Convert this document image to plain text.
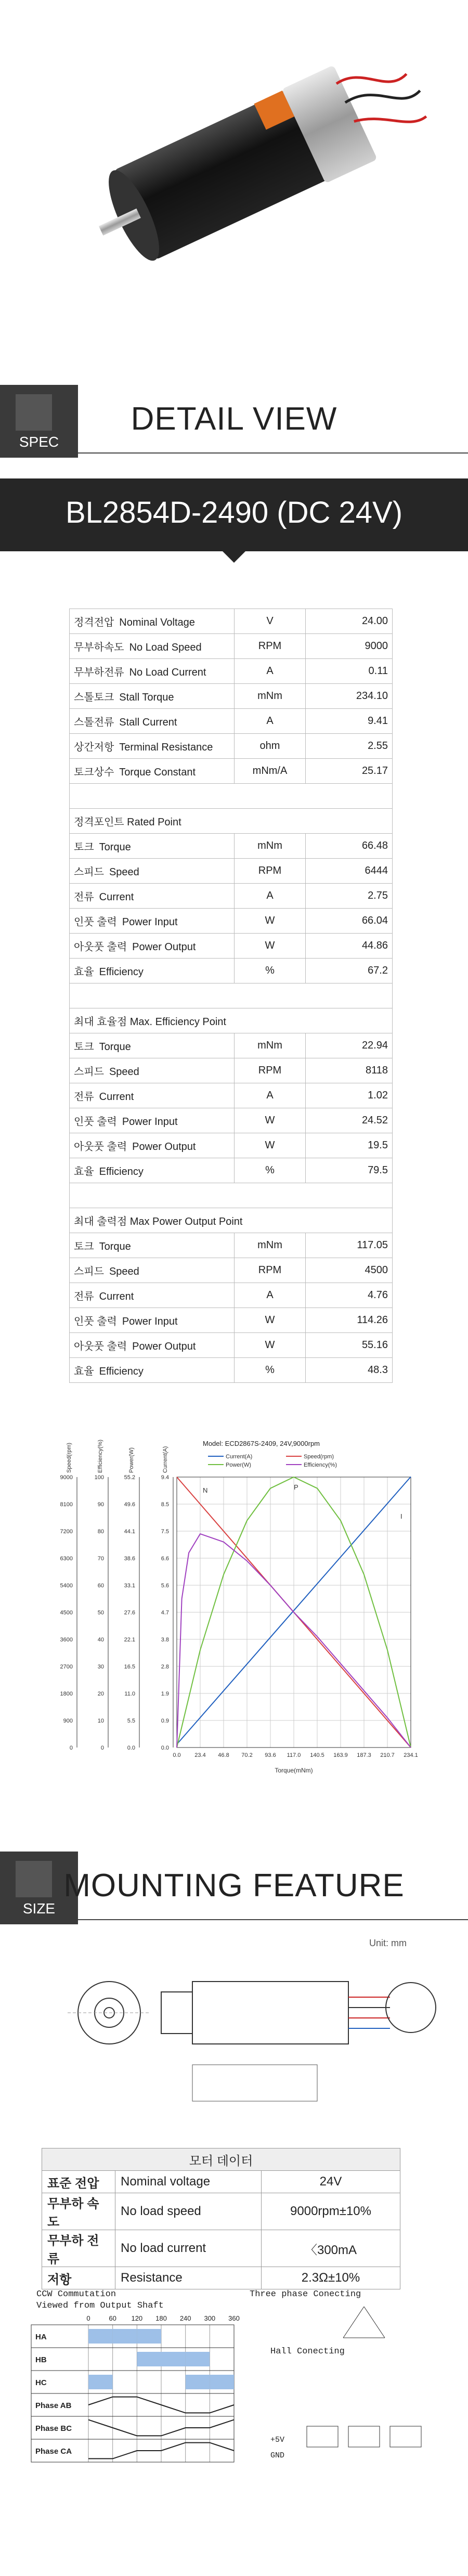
SPEC
DETAIL VIEW
BL2854D-2490 (DC 24V)
정격전압 Nominal Voltage	V	24.00
무부하속도 No Load Speed	RPM	9000
무부하전류 No Load Current	A	0.11
스톨토크 Stall Torque	mNm	234.10
스톨전류 Stall Current	A	9.41
상간저항 Terminal Resistance	ohm	2.55
토크상수 Torque Constant	mNm/A	25.17

정격포인트 Rated Point		
토크 Torque	mNm	66.48
스피드 Speed	RPM	6444
전류 Current	A	2.75
인풋 출력 Power Input	W	66.04
아웃풋 출력 Power Output	W	44.86
효율 Efficiency	%	67.2

최대 효율점 Max. Efficiency Point		
토크 Torque	mNm	22.94
스피드 Speed	RPM	8118
전류 Current	A	1.02
인풋 출력 Power Input	W	24.52
아웃풋 출력 Power Output	W	19.5
효율 Efficiency	%	79.5

최대 출력점 Max Power Output Point		
토크 Torque	mNm	117.05
스피드 Speed	RPM	4500
전류 Current	A	4.76
인풋 출력 Power Input	W	114.26
아웃풋 출력 Power Output	W	55.16
효율 Efficiency	%	48.3
Model: ECD2867S-2409, 24V,9000rpm
0.0 23.4 46.8 70.2 93.6 117.0 140.5 163.9 187.3 210.7 234.1
Torque(mNm)
0
900
1800
2700
3600
4500
5400
6300
7200
8100
9000
Speed(rpm)
0
10
20
30
40
50
60
70
80
90
100
Efficiency(%)
0.0
5.5
11.0
16.5
22.1
27.6
33.1
38.6
44.1
49.6
55.2
Power(W)
0.0
0.9
1.9
2.8
3.8
4.7
5.6
6.6
7.5
8.5
9.4
Current(A)	Current(A)	Speed(rpm)
Power(W)	Efficiency(%)
N	P
I
SIZE
MOUNTING FEATURE
Unit: mm
모터 데이터		
표준 전압	Nominal voltage	24V
무부하 속도	No load speed	9000rpm±10%
무부하 전류	No load current	〈300mA
저항	Resistance	2.3Ω±10%
CCW Commutation
Viewed from Output Shaft
Three phase Conecting
Hall Conecting
0	60 120 180 240 300 360
HA
HB
HC
Phase AB
Phase BC
Phase CA
+5V
GND
